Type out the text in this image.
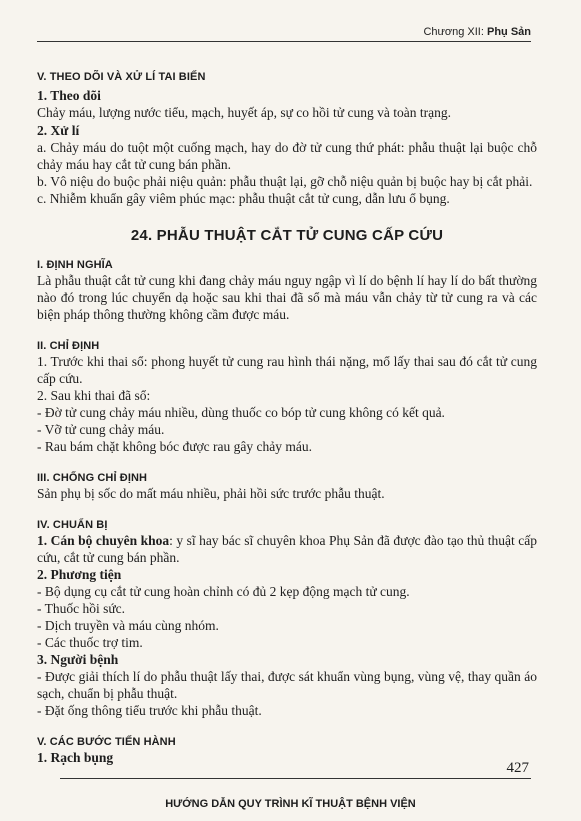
Chương XII: Phụ Sản
V. THEO DÕI VÀ XỬ LÍ TAI BIẾN
1. Theo dõi

Chảy máu, lượng nước tiểu, mạch, huyết áp, sự co hồi tử cung và toàn trạng.

2. Xử lí

a. Chảy máu do tuột một cuống mạch, hay do đờ tử cung thứ phát: phẫu thuật lại buộc chỗ chảy máu hay cắt tử cung bán phần.

b. Vô niệu do buộc phải niệu quản: phẫu thuật lại, gỡ chỗ niệu quản bị buộc hay bị cắt phải.

c. Nhiễm khuẩn gây viêm phúc mạc: phẫu thuật cắt tử cung, dẫn lưu ổ bụng.

24. PHẪU THUẬT CẮT TỬ CUNG CẤP CỨU
I. ĐỊNH NGHĨA

Là phẫu thuật cắt tử cung khi đang chảy máu nguy ngập vì lí do bệnh lí hay lí do bất thường nào đó trong lúc chuyển dạ hoặc sau khi thai đã sổ mà máu vẫn chảy từ tử cung ra và các biện pháp thông thường không cầm được máu.

II. CHỈ ĐỊNH

1. Trước khi thai sổ: phong huyết tử cung rau hình thái nặng, mổ lấy thai sau đó cắt tử cung cấp cứu.

2. Sau khi thai đã sổ:

- Đờ tử cung chảy máu nhiều, dùng thuốc co bóp tử cung không có kết quả.

- Vỡ tử cung chảy máu.

- Rau bám chặt không bóc được rau gây chảy máu.

III. CHỐNG CHỈ ĐỊNH

Sản phụ bị sốc do mất máu nhiều, phải hồi sức trước phẫu thuật.

IV. CHUẨN BỊ

1. Cán bộ chuyên khoa: y sĩ hay bác sĩ chuyên khoa Phụ Sản đã được đào tạo thủ thuật cấp cứu, cắt tử cung bán phần.

2. Phương tiện

- Bộ dụng cụ cắt tử cung hoàn chỉnh có đủ 2 kẹp động mạch tử cung.

- Thuốc hồi sức.

- Dịch truyền và máu cùng nhóm.

- Các thuốc trợ tim.

3. Người bệnh

- Được giải thích lí do phẫu thuật lấy thai, được sát khuẩn vùng bụng, vùng vệ, thay quần áo sạch, chuẩn bị phẫu thuật.

- Đặt ống thông tiểu trước khi phẫu thuật.

V. CÁC BƯỚC TIẾN HÀNH
1. Rạch bụng
427
HƯỚNG DẪN QUY TRÌNH KĨ THUẬT BỆNH VIỆN
